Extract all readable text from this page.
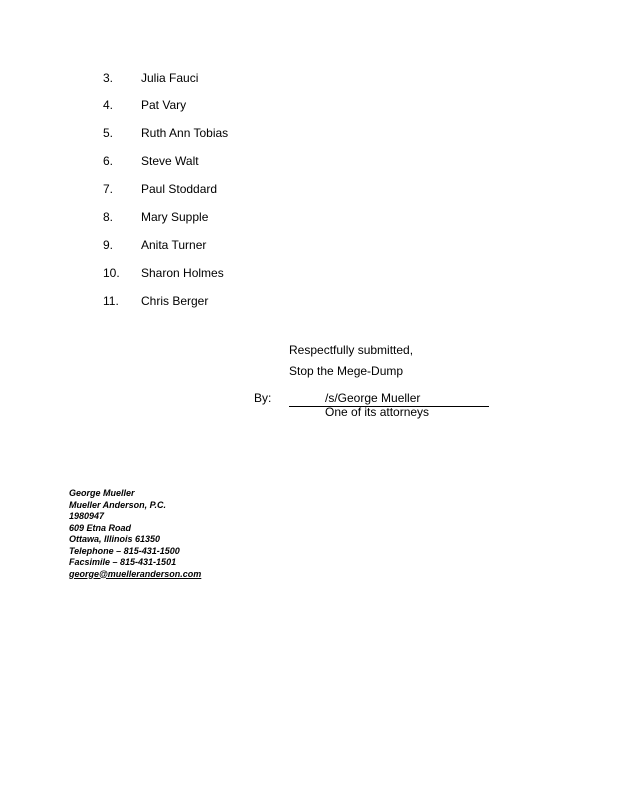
3. Julia Fauci
4. Pat Vary
5. Ruth Ann Tobias
6. Steve Walt
7. Paul Stoddard
8. Mary Supple
9. Anita Turner
10. Sharon Holmes
11. Chris Berger
Respectfully submitted,
Stop the Mege-Dump
By:	/s/George Mueller
One of its attorneys
George Mueller
Mueller Anderson, P.C.
1980947
609 Etna Road
Ottawa, Illinois 61350
Telephone – 815-431-1500
Facsimile – 815-431-1501
george@muelleranderson.com
